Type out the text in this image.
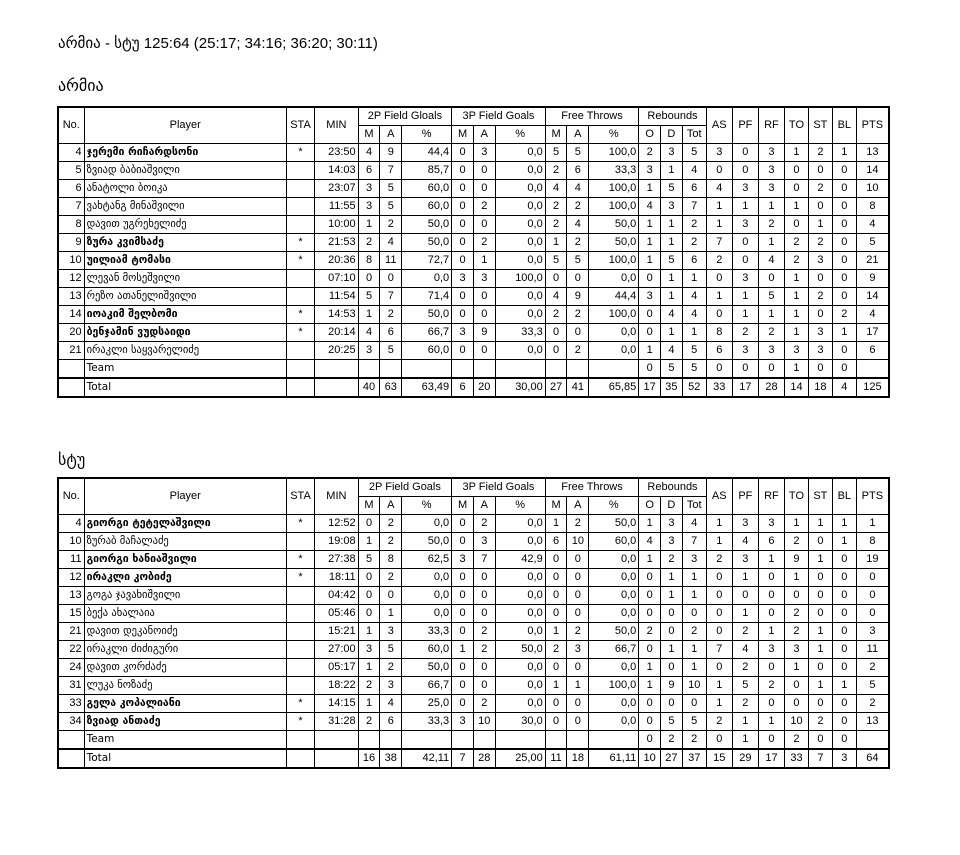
არმია - სტუ 125:64 (25:17; 34:16; 36:20; 30:11)
არმია
No.	Player	STA	MIN	2P Field Gloals			3P Field Goals			Free Throws			Rebounds			AS	PF	RF	TO	ST	BL	PTS
				M	A	%	M	A	%	M	A	%	O	D	Tot							
4	ჯერემი რიჩარდსონი	*	23:50	4	9	44,4	0	3	0,0	5	5	100,0	2	3	5	3	0	3	1	2	1	13
5	ზვიად ბაბიაშვილი		14:03	6	7	85,7	0	0	0,0	2	6	33,3	3	1	4	0	0	3	0	0	0	14
6	ანატოლი ბოიკა		23:07	3	5	60,0	0	0	0,0	4	4	100,0	1	5	6	4	3	3	0	2	0	10
7	ვახტანგ მინაშვილი		11:55	3	5	60,0	0	2	0,0	2	2	100,0	4	3	7	1	1	1	1	0	0	8
8	დავით უგრეხელიძე		10:00	1	2	50,0	0	0	0,0	2	4	50,0	1	1	2	1	3	2	0	1	0	4
9	ზურა კვიმსაძე	*	21:53	2	4	50,0	0	2	0,0	1	2	50,0	1	1	2	7	0	1	2	2	0	5
10	უილიამ ტომასი	*	20:36	8	11	72,7	0	1	0,0	5	5	100,0	1	5	6	2	0	4	2	3	0	21
12	ლევან მოსეშვილი		07:10	0	0	0,0	3	3	100,0	0	0	0,0	0	1	1	0	3	0	1	0	0	9
13	რეზო ათანელიშვილი		11:54	5	7	71,4	0	0	0,0	4	9	44,4	3	1	4	1	1	5	1	2	0	14
14	იოაკიმ შელბომი	*	14:53	1	2	50,0	0	0	0,0	2	2	100,0	0	4	4	0	1	1	1	0	2	4
20	ბენჯამინ ვუდსაიდი	*	20:14	4	6	66,7	3	9	33,3	0	0	0,0	0	1	1	8	2	2	1	3	1	17
21	ირაკლი საყვარელიძე		20:25	3	5	60,0	0	0	0,0	0	2	0,0	1	4	5	6	3	3	3	3	0	6
	Team												0	5	5	0	0	0	1	0	0	
	Total			40	63	63,49	6	20	30,00	27	41	65,85	17	35	52	33	17	28	14	18	4	125
სტუ
No.	Player	STA	MIN	2P Field Goals			3P Field Goals			Free Throws			Rebounds			AS	PF	RF	TO	ST	BL	PTS
				M	A	%	M	A	%	M	A	%	O	D	Tot							
4	გიორგი ტეტელაშვილი	*	12:52	0	2	0,0	0	2	0,0	1	2	50,0	1	3	4	1	3	3	1	1	1	1
10	ზურაბ მაჩალაძე		19:08	1	2	50,0	0	3	0,0	6	10	60,0	4	3	7	1	4	6	2	0	1	8
11	გიორგი ხანიაშვილი	*	27:38	5	8	62,5	3	7	42,9	0	0	0,0	1	2	3	2	3	1	9	1	0	19
12	ირაკლი კობიძე	*	18:11	0	2	0,0	0	0	0,0	0	0	0,0	0	1	1	0	1	0	1	0	0	0
13	გოგა ჯავახიშვილი		04:42	0	0	0,0	0	0	0,0	0	0	0,0	0	1	1	0	0	0	0	0	0	0
15	ბექა ახალაია		05:46	0	1	0,0	0	0	0,0	0	0	0,0	0	0	0	0	1	0	2	0	0	0
21	დავით დეკანოიძე		15:21	1	3	33,3	0	2	0,0	1	2	50,0	2	0	2	0	2	1	2	1	0	3
22	ირაკლი ძიძიგური		27:00	3	5	60,0	1	2	50,0	2	3	66,7	0	1	1	7	4	3	3	1	0	11
24	დავით კორძაძე		05:17	1	2	50,0	0	0	0,0	0	0	0,0	1	0	1	0	2	0	1	0	0	2
31	ლუკა ნოზაძე		18:22	2	3	66,7	0	0	0,0	1	1	100,0	1	9	10	1	5	2	0	1	1	5
33	გელა კოპალიანი	*	14:15	1	4	25,0	0	2	0,0	0	0	0,0	0	0	0	1	2	0	0	0	0	2
34	ზვიად ანთაძე	*	31:28	2	6	33,3	3	10	30,0	0	0	0,0	0	5	5	2	1	1	10	2	0	13
	Team												0	2	2	0	1	0	2	0	0	
	Total			16	38	42,11	7	28	25,00	11	18	61,11	10	27	37	15	29	17	33	7	3	64
